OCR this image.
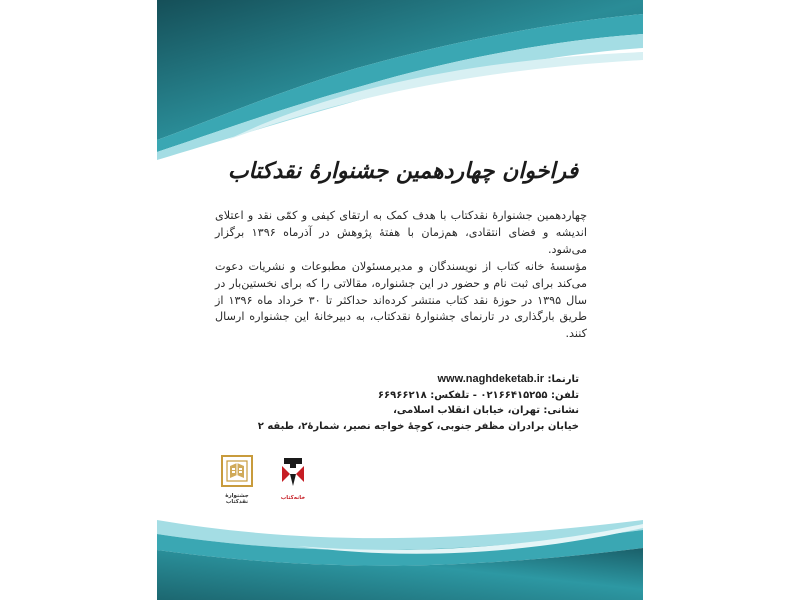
فراخوان چهاردهمین جشنوارهٔ نقدکتاب

چهاردهمین جشنوارهٔ نقدکتاب با هدف کمک به ارتقای کیفی و کمّی نقد و اعتلای اندیشه و فضای انتقادی، هم‌زمان با هفتهٔ پژوهش در آذرماه ۱۳۹۶ برگزار می‌شود.

مؤسسهٔ خانه کتاب از نویسندگان و مدیرمسئولان مطبوعات و نشریات دعوت می‌کند برای ثبت نام و حضور در این جشنواره، مقالاتی را که برای نخستین‌بار در سال ۱۳۹۵ در حوزهٔ نقد کتاب منتشر کرده‌اند حداکثر تا ۳۰ خرداد ماه ۱۳۹۶ از طریق بارگذاری در تارنمای جشنوارهٔ نقدکتاب، به دبیرخانهٔ این جشنواره ارسال کنند.

تارنما: www.naghdeketab.ir
تلفن: ۰۲۱۶۶۴۱۵۲۵۵ - تلفکس: ۶۶۹۶۶۲۱۸
نشانی: تهران، خیابان انقلاب اسلامی،
خیابان برادران مظفر جنوبی، کوچهٔ خواجه نصیر، شمارهٔ۲، طبقه ۲
جشنوارهٔ نقدکتاب
خانه‌کتاب
